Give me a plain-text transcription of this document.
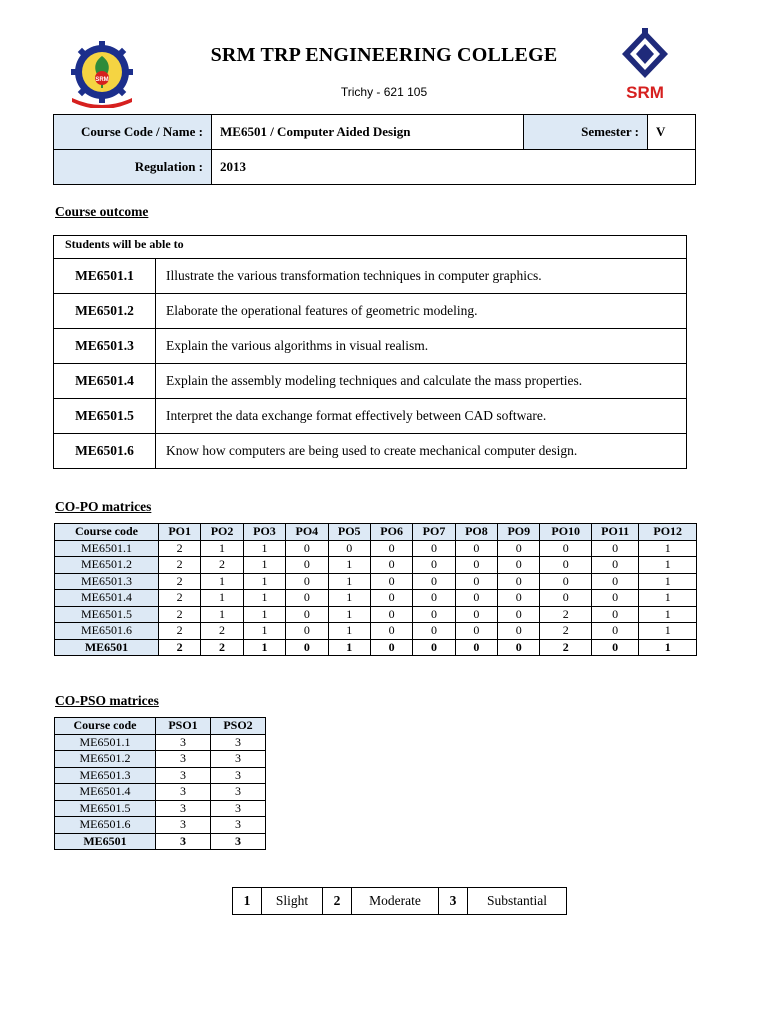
SRM
SRM
SRM TRP ENGINEERING COLLEGE
Trichy - 621 105
Course Code / Name :	ME6501 / Computer Aided Design	Semester :	V
Regulation :	2013		
Course outcome
Students will be able to
ME6501.1	Illustrate the various transformation techniques in computer graphics.
ME6501.2	Elaborate the operational features of geometric modeling.
ME6501.3	Explain the various algorithms in visual realism.
ME6501.4	Explain the assembly modeling techniques and calculate the mass properties.
ME6501.5	Interpret the data exchange format effectively between CAD software.
ME6501.6	Know how computers are being used to create mechanical computer design.
CO-PO matrices
Course code	PO1	PO2	PO3	PO4	PO5	PO6	PO7	PO8	PO9	PO10	PO11	PO12
ME6501.1	2	1	1	0	0	0	0	0	0	0	0	1
ME6501.2	2	2	1	0	1	0	0	0	0	0	0	1
ME6501.3	2	1	1	0	1	0	0	0	0	0	0	1
ME6501.4	2	1	1	0	1	0	0	0	0	0	0	1
ME6501.5	2	1	1	0	1	0	0	0	0	2	0	1
ME6501.6	2	2	1	0	1	0	0	0	0	2	0	1
ME6501	2	2	1	0	1	0	0	0	0	2	0	1
CO-PSO matrices
Course code	PSO1	PSO2
ME6501.1	3	3
ME6501.2	3	3
ME6501.3	3	3
ME6501.4	3	3
ME6501.5	3	3
ME6501.6	3	3
ME6501	3	3
1	Slight	2	Moderate	3	Substantial
